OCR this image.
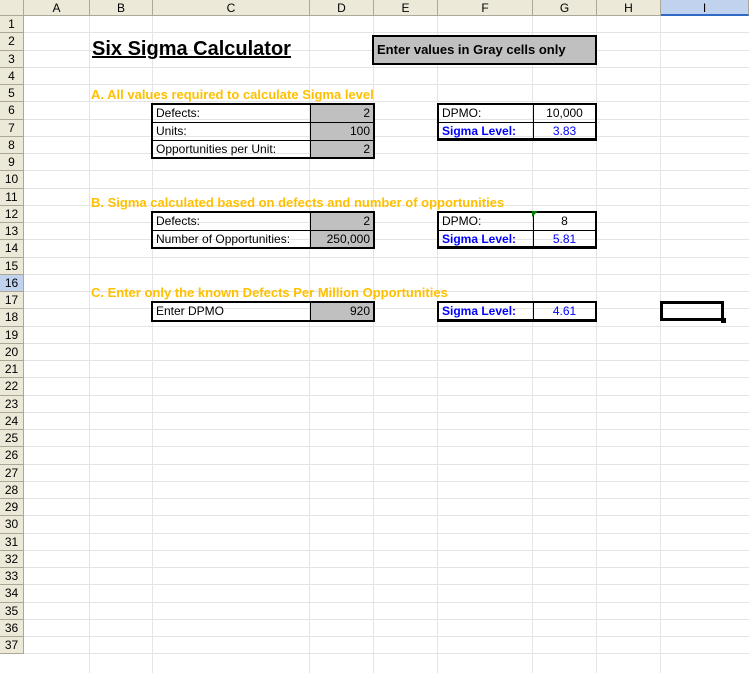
A	B	C	D	E	F	G	H	I
1
2
3
4
5
6
7
8
9
10
11
12
13
14
15
16
17
18
19
20
21
22
23
24
25
26
27
28
29
30
31
32
33
34
35
36
37
Six Sigma Calculator	Enter values in Gray cells only
A. All values required to calculate Sigma level
Defects:	2
Units:	100
Opportunities per Unit:	2
DPMO:	10,000
Sigma Level:	3.83
B. Sigma calculated based on defects and number of opportunities
Defects:	2
Number of Opportunities:	250,000
DPMO:	8
Sigma Level:	5.81
C. Enter only the known Defects Per Million Opportunities
Enter DPMO	920	Sigma Level:	4.61
